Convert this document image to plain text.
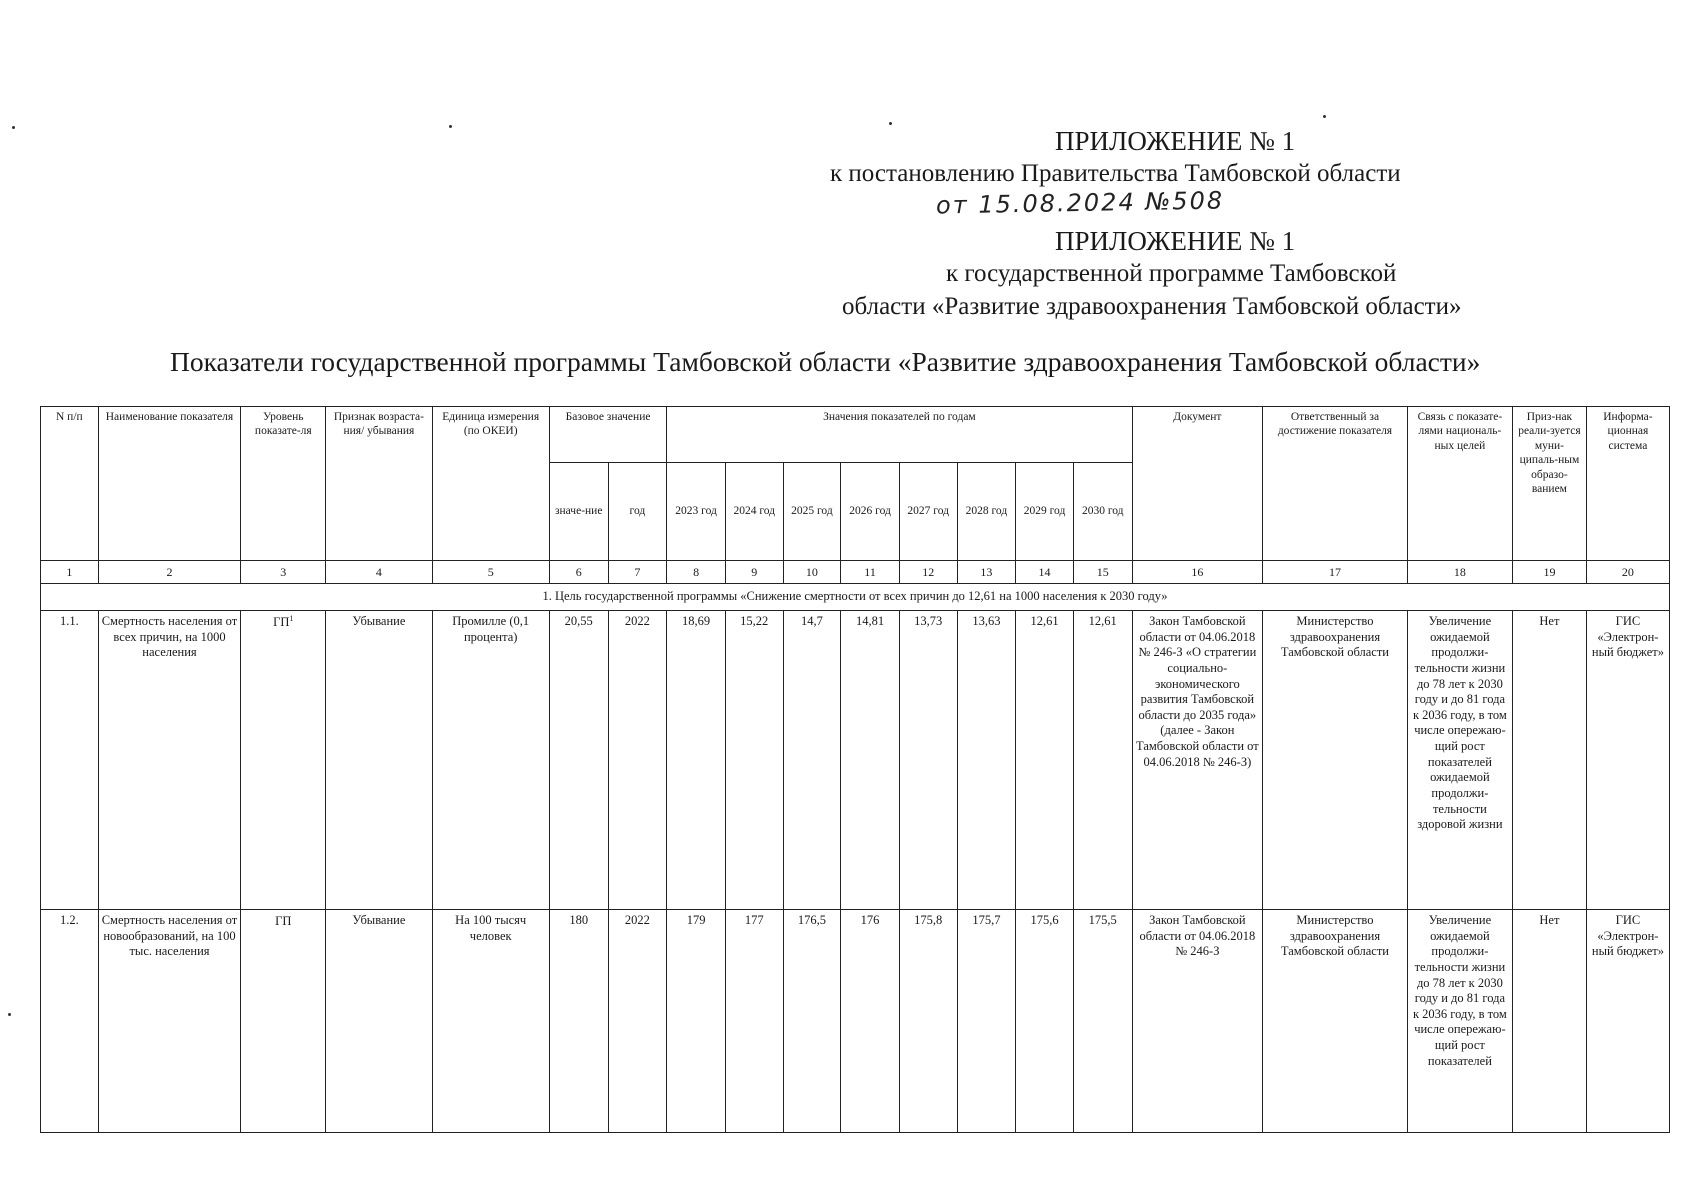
ПРИЛОЖЕНИЕ № 1
к постановлению Правительства Тамбовской области
от 15.08.2024 №508
ПРИЛОЖЕНИЕ № 1
к государственной программе Тамбовской
области «Развитие здравоохранения Тамбовской области»
Показатели государственной программы Тамбовской области «Развитие здравоохранения Тамбовской области»
N п/п	Наименование показателя	Уровень показате-ля	Признак возраста-ния/ убывания	Единица измерения (по ОКЕИ)	Базовое значение		Значения показателей по годам								Документ	Ответственный за достижение показателя	Связь с показате-лями националь-ных целей	Приз-нак реали-зуется муни-ципаль-ным образо-ванием	Информа-ционная система
					значе-ние	год	2023 год	2024 год	2025 год	2026 год	2027 год	2028 год	2029 год	2030 год					
1	2	3	4	5	6	7	8	9	10	11	12	13	14	15	16	17	18	19	20
1. Цель государственной программы «Снижение смертности от всех причин до 12,61 на 1000 населения к 2030 году»																			
1.1.	Смертность населения от всех причин, на 1000 населения	$ГП^1$	Убывание	Промилле (0,1 процента)	20,55	2022	18,69	15,22	14,7	14,81	13,73	13,63	12,61	12,61	Закон Тамбовской области от 04.06.2018 № 246-З «О стратегии социально-экономического развития Тамбовской области до 2035 года» (далее - Закон Тамбовской области от 04.06.2018 № 246-З)	Министерство здравоохранения Тамбовской области	Увеличение ожидаемой продолжи-тельности жизни до 78 лет к 2030 году и до 81 года к 2036 году, в том числе опережаю-щий рост показателей ожидаемой продолжи-тельности здоровой жизни	Нет	ГИС «Электрон-ный бюджет»
1.2.	Смертность населения от новообразований, на 100 тыс. населения	ГП	Убывание	На 100 тысяч человек	180	2022	179	177	176,5	176	175,8	175,7	175,6	175,5	Закон Тамбовской области от 04.06.2018 № 246-З	Министерство здравоохранения Тамбовской области	Увеличение ожидаемой продолжи-тельности жизни до 78 лет к 2030 году и до 81 года к 2036 году, в том числе опережаю-щий рост показателей	Нет	ГИС «Электрон-ный бюджет»
